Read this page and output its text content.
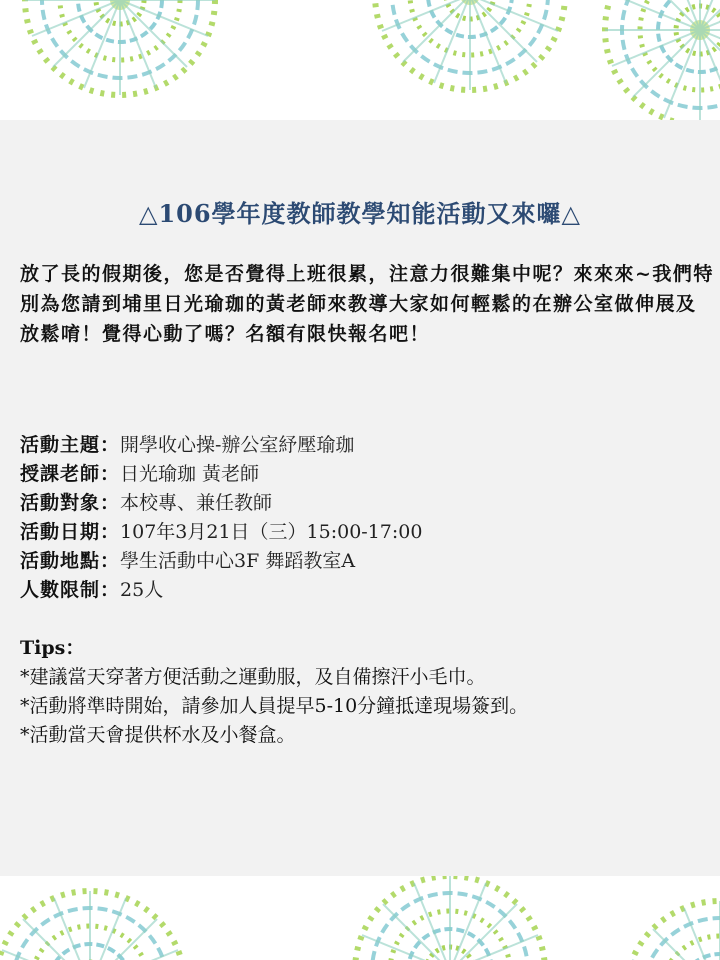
△106學年度教師教學知能活動又來囉△
放了長的假期後，您是否覺得上班很累，注意力很難集中呢？來來來~我們特別為您請到埔里日光瑜珈的黃老師來教導大家如何輕鬆的在辦公室做伸展及放鬆唷！覺得心動了嗎？名額有限快報名吧！
活動主題：開學收心操-辦公室紓壓瑜珈
授課老師：日光瑜珈 黃老師
活動對象：本校專、兼任教師
活動日期：107年3月21日（三）15:00-17:00
活動地點：學生活動中心3F 舞蹈教室A
人數限制：25人
Tips：
*建議當天穿著方便活動之運動服，及自備擦汗小毛巾。
*活動將準時開始，請參加人員提早5-10分鐘抵達現場簽到。
*活動當天會提供杯水及小餐盒。
